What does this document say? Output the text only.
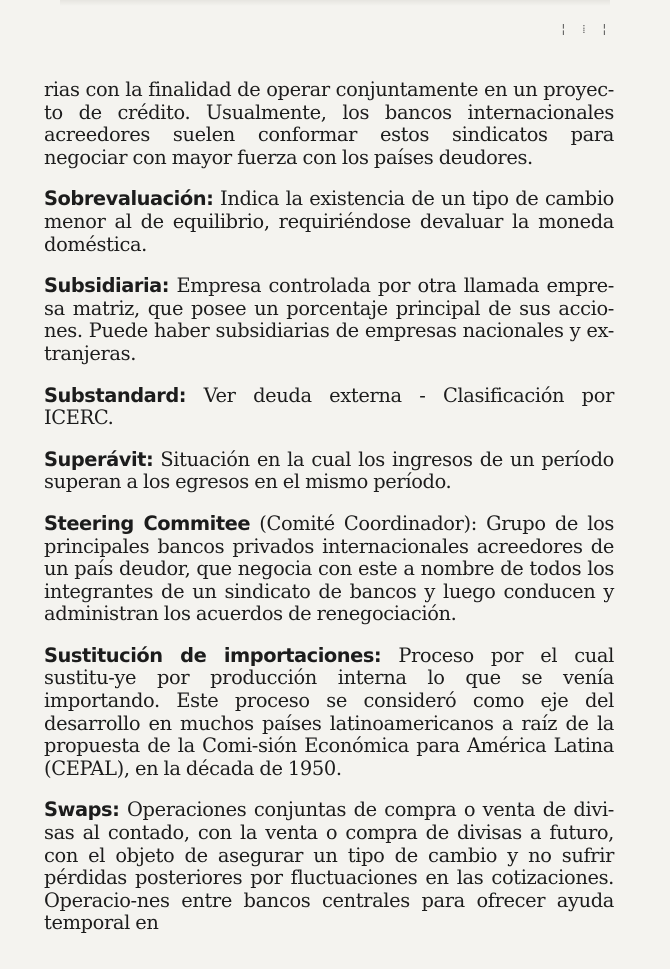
¦ ⁞ ¦

rias con la finalidad de operar conjuntamente en un proyec-to de crédito. Usualmente, los bancos internacionales acreedores suelen conformar estos sindicatos para negociar con mayor fuerza con los países deudores.

Sobrevaluación: Indica la existencia de un tipo de cambio menor al de equilibrio, requiriéndose devaluar la moneda doméstica.

Subsidiaria: Empresa controlada por otra llamada empre-sa matriz, que posee un porcentaje principal de sus accio-nes. Puede haber subsidiarias de empresas nacionales y ex-tranjeras.

Substandard: Ver deuda externa - Clasificación por ICERC.

Superávit: Situación en la cual los ingresos de un período superan a los egresos en el mismo período.

Steering Commitee (Comité Coordinador): Grupo de los principales bancos privados internacionales acreedores de un país deudor, que negocia con este a nombre de todos los integrantes de un sindicato de bancos y luego conducen y administran los acuerdos de renegociación.

Sustitución de importaciones: Proceso por el cual sustitu-ye por producción interna lo que se venía importando. Este proceso se consideró como eje del desarrollo en muchos países latinoamericanos a raíz de la propuesta de la Comi-sión Económica para América Latina (CEPAL), en la década de 1950.

Swaps: Operaciones conjuntas de compra o venta de divi-sas al contado, con la venta o compra de divisas a futuro, con el objeto de asegurar un tipo de cambio y no sufrir pérdidas posteriores por fluctuaciones en las cotizaciones. Operacio-nes entre bancos centrales para ofrecer ayuda temporal en
